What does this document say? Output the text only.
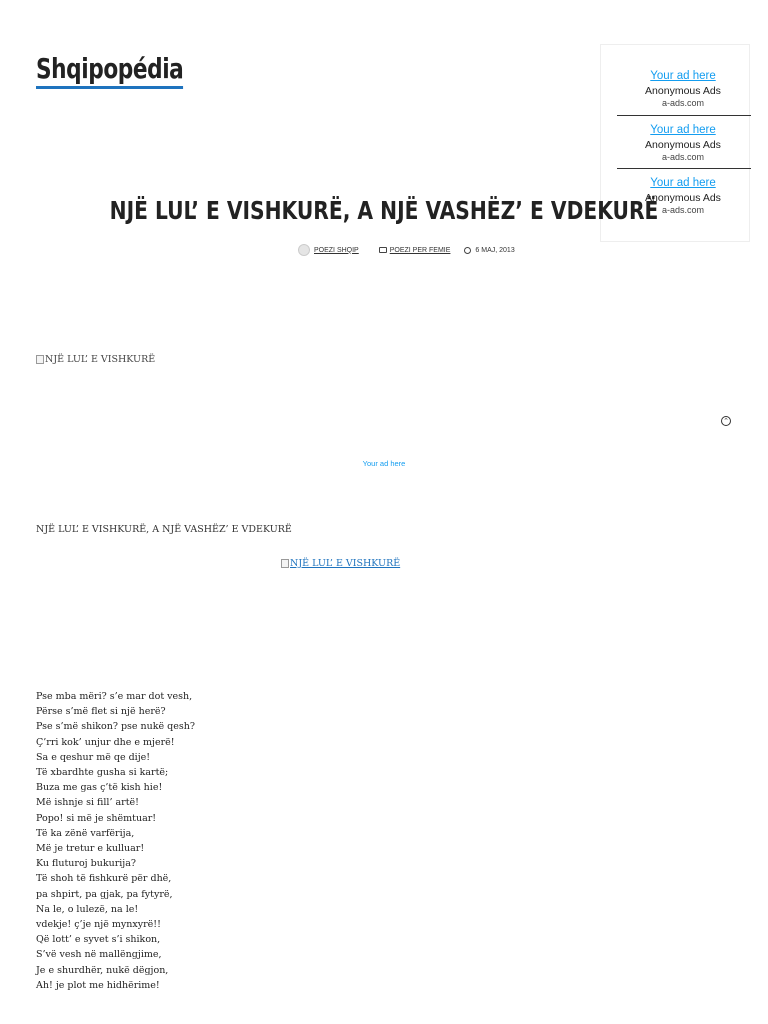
Shqipopédia	Your ad here
Anonymous Ads
a-ads.com
Your ad here
Anonymous Ads
a-ads.com
Your ad here
Anonymous Ads
a-ads.com
NJË LUL’ E VISHKURË, A NJË VASHËZ’ E VDEKURË
POEZI SHQIP	POEZI PER FEMIE	6 MAJ, 2013
NJË LUL’ E VISHKURË
⌃
Your ad here
NJË LUL’ E VISHKURË, A NJË VASHËZ’ E VDEKURË
NJË LUL’ E VISHKURË
Pse mba mëri? s’e mar dot vesh,
Përse s’më flet si një herë?
Pse s’më shikon? pse nukë qesh?
Ç’rri kok’ unjur dhe e mjerë!
Sa e qeshur më qe dije!
Të xbardhte gusha si kartë;
Buza me gas ç’të kish hie!
Më ishnje si fill’ artë!
Popo! si më je shëmtuar!
Të ka zënë varfërija,
Më je tretur e kulluar!
Ku fluturoj bukurija?
Të shoh të fishkurë për dhë,
pa shpirt, pa gjak, pa fytyrë,
Na le, o lulezë, na le!
vdekje! ç’je një mynxyrë!!
Që lott’ e syvet s’i shikon,
S’vë vesh në mallëngjime,
Je e shurdhër, nukë dëgjon,
Ah! je plot me hidhërime!
